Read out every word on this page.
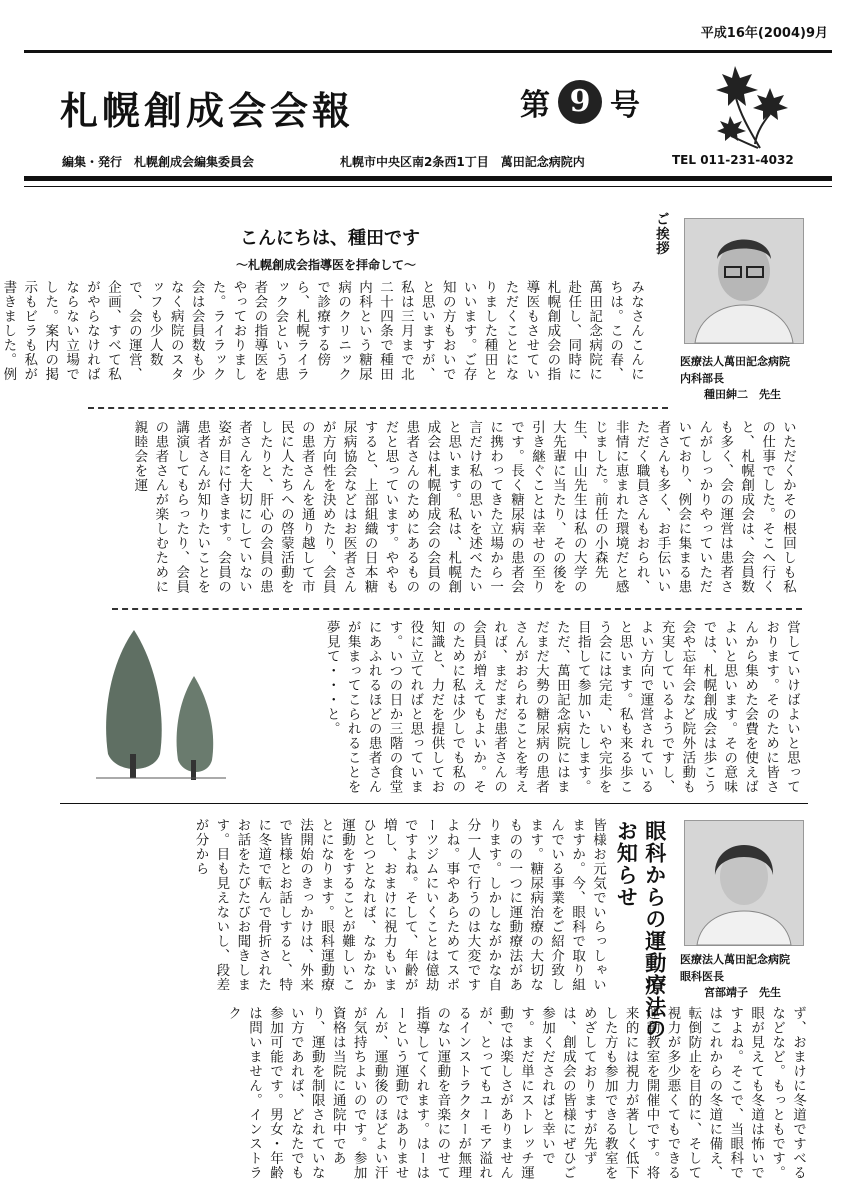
平成16年(2004)9月
札幌創成会会報	第 9 号
編集・発行　札幌創成会編集委員会	札幌市中央区南2条西1丁目　萬田記念病院内	TEL 011-231-4032
こんにちは、種田です
～札幌創成会指導医を拝命して～
医療法人萬田記念病院
内科部長
種田紳二　先生
ご挨拶
みなさんこんにちは。この春、萬田記念病院に赴任し、同時に札幌創成会の指導医もさせていただくことになりました種田といいます。ご存知の方もおいでと思いますが、私は三月まで北二十四条で種田内科という糖尿病のクリニックで診療する傍ら、札幌ライラック会という患者会の指導医をやっておりました。ライラック会は会員数も少なく病院のスタッフも少人数で、会の運営、企画、すべて私がやらなければならない立場でした。案内の掲示もビラも私が書きました。例
いただくかその根回しも私の仕事でした。そこへ行くと、札幌創成会は、会員数も多く、会の運営は患者さんがしっかりやっていただいており、例会に集まる患者さんも多く、お手伝いいただく職員さんもおられ、非情に恵まれた環境だと感じました。前任の小森先生、中山先生は私の大学の大先輩に当たり、その後を引き継ぐことは幸せの至りです。長く糖尿病の患者会に携わってきた立場から一言だけ私の思いを述べたいと思います。私は、札幌創成会は札幌創成会の会員の患者さんのためにあるものだと思っています。ややもすると、上部組織の日本糖尿病協会などはお医者さんが方向性を決めたり、会員の患者さんを通り越して市民に人たちへの啓蒙活動をしたりと、肝心の会員の患者さんを大切にしていない姿が目に付きます。会員の患者さんが知りたいことを講演してもらったり、会員の患者さんが楽しむために親睦会を運
営していけばよいと思っております。そのために皆さんから集めた会費を使えばよいと思います。その意味では、札幌創成会は歩こう会や忘年会など院外活動も充実しているようですし、よい方向で運営されていると思います。私も来る歩こう会には完走、いや完歩を目指して参加いたします。ただ、萬田記念病院にはまだまだ大勢の糖尿病の患者さんがおられることを考えれば、まだまだ患者さんの会員が増えてもよいか。そのために私は少しでも私の知識と、力だを提供してお役に立てればと思っています。いつの日か三階の食堂にあふれるほどの患者さんが集まってこられることを夢見て・・・と。
医療法人萬田記念病院
眼科医長
宮部靖子　先生
眼科からの運動療法のお知らせ
皆様お元気でいらっしゃいますか。今、眼科で取り組んでいる事業をご紹介致します。糖尿病治療の大切なものの一つに運動療法があります。しかしながかな自分一人で行うのは大変ですよね。事やあらためてスポーツジムにいくことは億劫ですよね。そして、年齢が増し、おまけに視力もいまひとつとなれば、なかなか運動をすることが難しいことになります。眼科運動療法開始のきっかけは、外来で皆様とお話しすると、特に冬道で転んで骨折されたお話をたびたびお聞きします。目も見えないし、段差が分から
ず、おまけに冬道ですべるなどなど。もっともです。眼が見えても冬道は怖いですよね。そこで、当眼科ではこれからの冬道に備え、転倒防止を目的に、そして視力が多少悪くてもできる運動教室を開催中です。将来的には視力が著しく低下した方も参加できる教室をめざしておりますが先ずは、創成会の皆様にぜひご参加くださればと幸いです。まだ単にストレッチ運動では楽しさがありませんが、とってもユーモア溢れるインストラクターが無理のない運動を音楽にのせて指導してくれます。はーはーという運動ではありませんが、運動後のほどよい汗が気持ちよいのです。参加資格は当院に通院中であり、運動を制限されていない方であれば、どなたでも参加可能です。男女・年齢は問いません。インストラク
